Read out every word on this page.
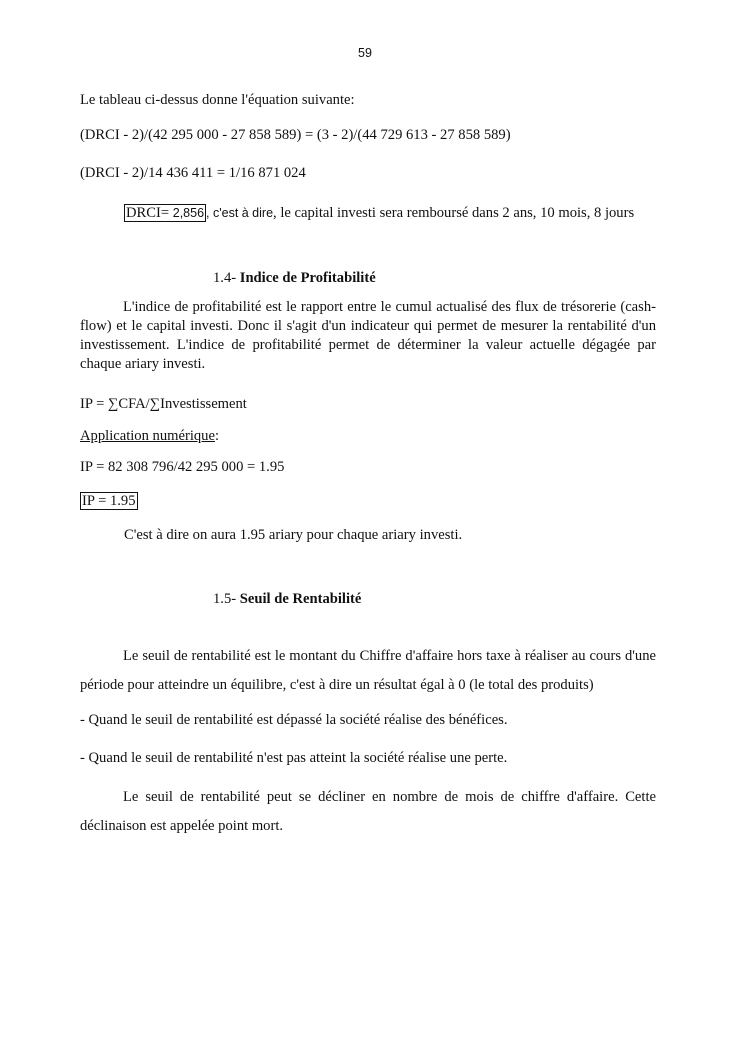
59
Le tableau ci-dessus donne l'équation suivante:
(DRCI - 2)/(42 295 000 - 27 858 589) = (3 - 2)/(44 729 613 - 27 858 589)
(DRCI - 2)/14 436 411 = 1/16 871 024
DRCI= 2,856 , c'est à dire, le capital investi sera remboursé dans 2 ans, 10 mois, 8 jours
1.4- Indice de Profitabilité
L'indice de profitabilité est le rapport entre le cumul actualisé des flux de trésorerie (cash-
flow) et le capital investi. Donc il s'agit d'un indicateur qui permet de mesurer la rentabilité d'un
investissement. L'indice de profitabilité permet de déterminer la valeur actuelle dégagée par
chaque ariary investi.
IP = ∑CFA/∑Investissement
Application numérique:
IP = 82 308 796/42 295 000 = 1.95
IP = 1.95
C'est à dire on aura 1.95 ariary pour chaque ariary investi.
1.5- Seuil de Rentabilité
Le seuil de rentabilité est le montant du Chiffre d'affaire hors taxe à réaliser au cours d'une
période pour atteindre un équilibre, c'est à dire un résultat égal à 0 (le total des produits)
- Quand le seuil de rentabilité est dépassé la société réalise des bénéfices.
- Quand le seuil de rentabilité n'est pas atteint la société réalise une perte.
Le seuil de rentabilité peut se décliner en nombre de mois de chiffre d'affaire. Cette
déclinaison est appelée point mort.
